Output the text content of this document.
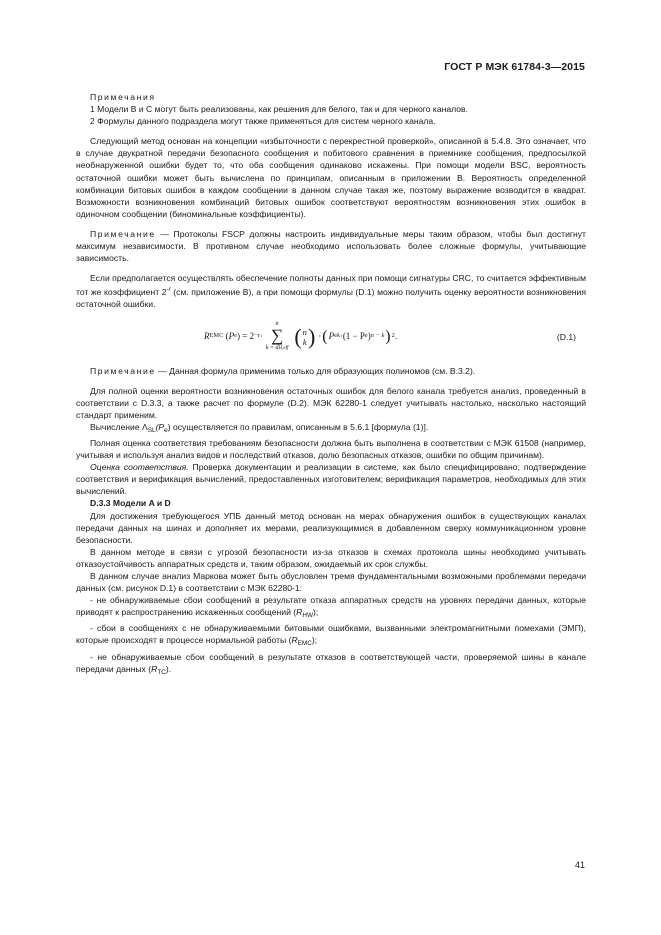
ГОСТ Р МЭК 61784-3—2015

Примечания

1 Модели B и C могут быть реализованы, как решения для белого, так и для черного каналов.

2 Формулы данного подраздела могут также применяться для систем черного канала.

Следующий метод основан на концепции «избыточности с перекрестной проверкой», описанной в 5.4.8. Это означает, что в случае двукратной передачи безопасного сообщения и побитового сравнения в приемнике сообщения, предпосылкой необнаруженной ошибки будет то, что оба сообщения одинаково искажены. При помощи модели BSC, вероятность остаточной ошибки может быть вычислена по принципам, описанным в приложении B. Вероятность определенной комбинации битовых ошибок в каждом сообщении в данном случае такая же, поэтому выражение возводится в квадрат. Возможности возникновения комбинаций битовых ошибок соответствуют вероятностям возникновения этих ошибок в одиночном сообщении (биноминальные коэффициенты).

Примечание — Протоколы FSCP должны настроить индивидуальные меры таким образом, чтобы был достигнут максимум независимости. В противном случае необходимо использовать более сложные формулы, учитывающие зависимость.

Если предполагается осуществлять обеспечение полноты данных при помощи сигнатуры CRC, то считается эффективным тот же коэффициент $2^{-r}$ (см. приложение B), а при помощи формулы (D.1) можно получить оценку вероятности возникновения остаточной ошибки.

R EMC ( P e ) = 2 −r ·
n
∑
k = dH,eff ( n
k ) · ( P e k · (1 − P e ) n − k ) 2 .	(D.1)

Примечание — Данная формула применима только для образующих полиномов (см. B.3.2).

Для полной оценки вероятности возникновения остаточных ошибок для белого канала требуется анализ, проведенный в соответствии с D.3.3, а также расчет по формуле (D.2). МЭК 62280-1 следует учитывать настолько, насколько настоящий стандарт применим.

Вычисление $\Lambda_{SL}(P_e)$ осуществляется по правилам, описанным в 5.6.1 [формула (1)].

Полная оценка соответствия требованиям безопасности должна быть выполнена в соответствии с МЭК 61508 (например, учитывая и используя анализ видов и последствий отказов, долю безопасных отказов, ошибки по общим причинам).

Оценка соответствия. Проверка документации и реализации в системе, как было специфицировано; подтверждение соответствия и верификация вычислений, предоставленных изготовителем; верификация параметров, необходимых для этих вычислений.

D.3.3 Модели A и D

Для достижения требующегося УПБ данный метод основан на мерах обнаружения ошибок в существующих каналах передачи данных на шинах и дополняет их мерами, реализующимися в добавленном сверху коммуникационном уровне безопасности.

В данном методе в связи с угрозой безопасности из-за отказов в схемах протокола шины необходимо учитывать отказоустойчивость аппаратных средств и, таким образом, ожидаемый их срок службы.

В данном случае анализ Маркова может быть обусловлен тремя фундаментальными возможными проблемами передачи данных (см. рисунок D.1) в соответствии с МЭК 62280-1:

- не обнаруживаемые сбои сообщений в результате отказа аппаратных средств на уровнях передачи данных, которые приводят к распространению искаженных сообщений $(R_{HW})$;

- сбои в сообщениях с не обнаруживаемыми битовыми ошибками, вызванными электромагнитными помехами (ЭМП), которые происходят в процессе нормальной работы $(R_{EMC})$;

- не обнаруживаемые сбои сообщений в результате отказов в соответствующей части, проверяемой шины в канале передачи данных $(R_{TC})$.

41
